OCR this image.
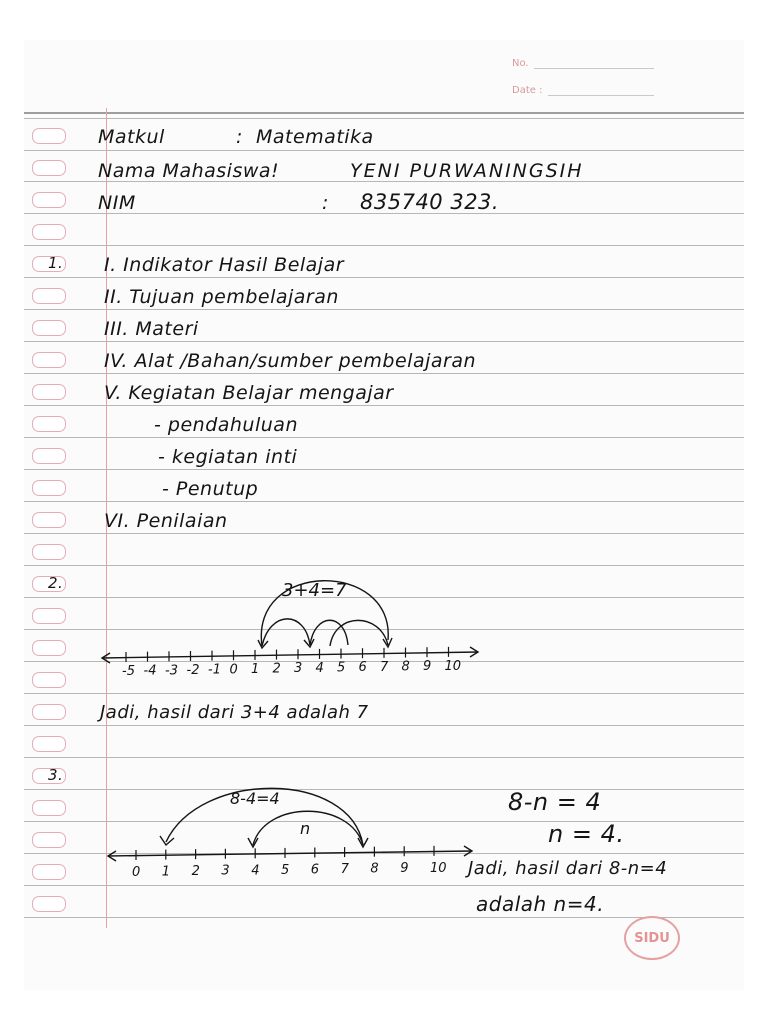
No.
Date :
Matkul	: Matematika
Nama Mahasiswa!	YENI PURWANINGSIH
NIM	: 835740 323.
1. I. Indikator Hasil Belajar
II. Tujuan pembelajaran
III. Materi
IV. Alat /Bahan/sumber pembelajaran
V. Kegiatan Belajar mengajar
- pendahuluan
- kegiatan inti
- Penutup
VI. Penilaian
2.
-5 -4 -3 -2 -1 0 1 2 3 4 5 6 7 8 9 10
3+4=7
0 1 2 3 4 5 6 7 8 9 10
8-4=4
n
Jadi, hasil dari 3+4 adalah 7
3.
8-n = 4
n = 4.
Jadi, hasil dari 8-n=4
adalah n=4.
SIDU
